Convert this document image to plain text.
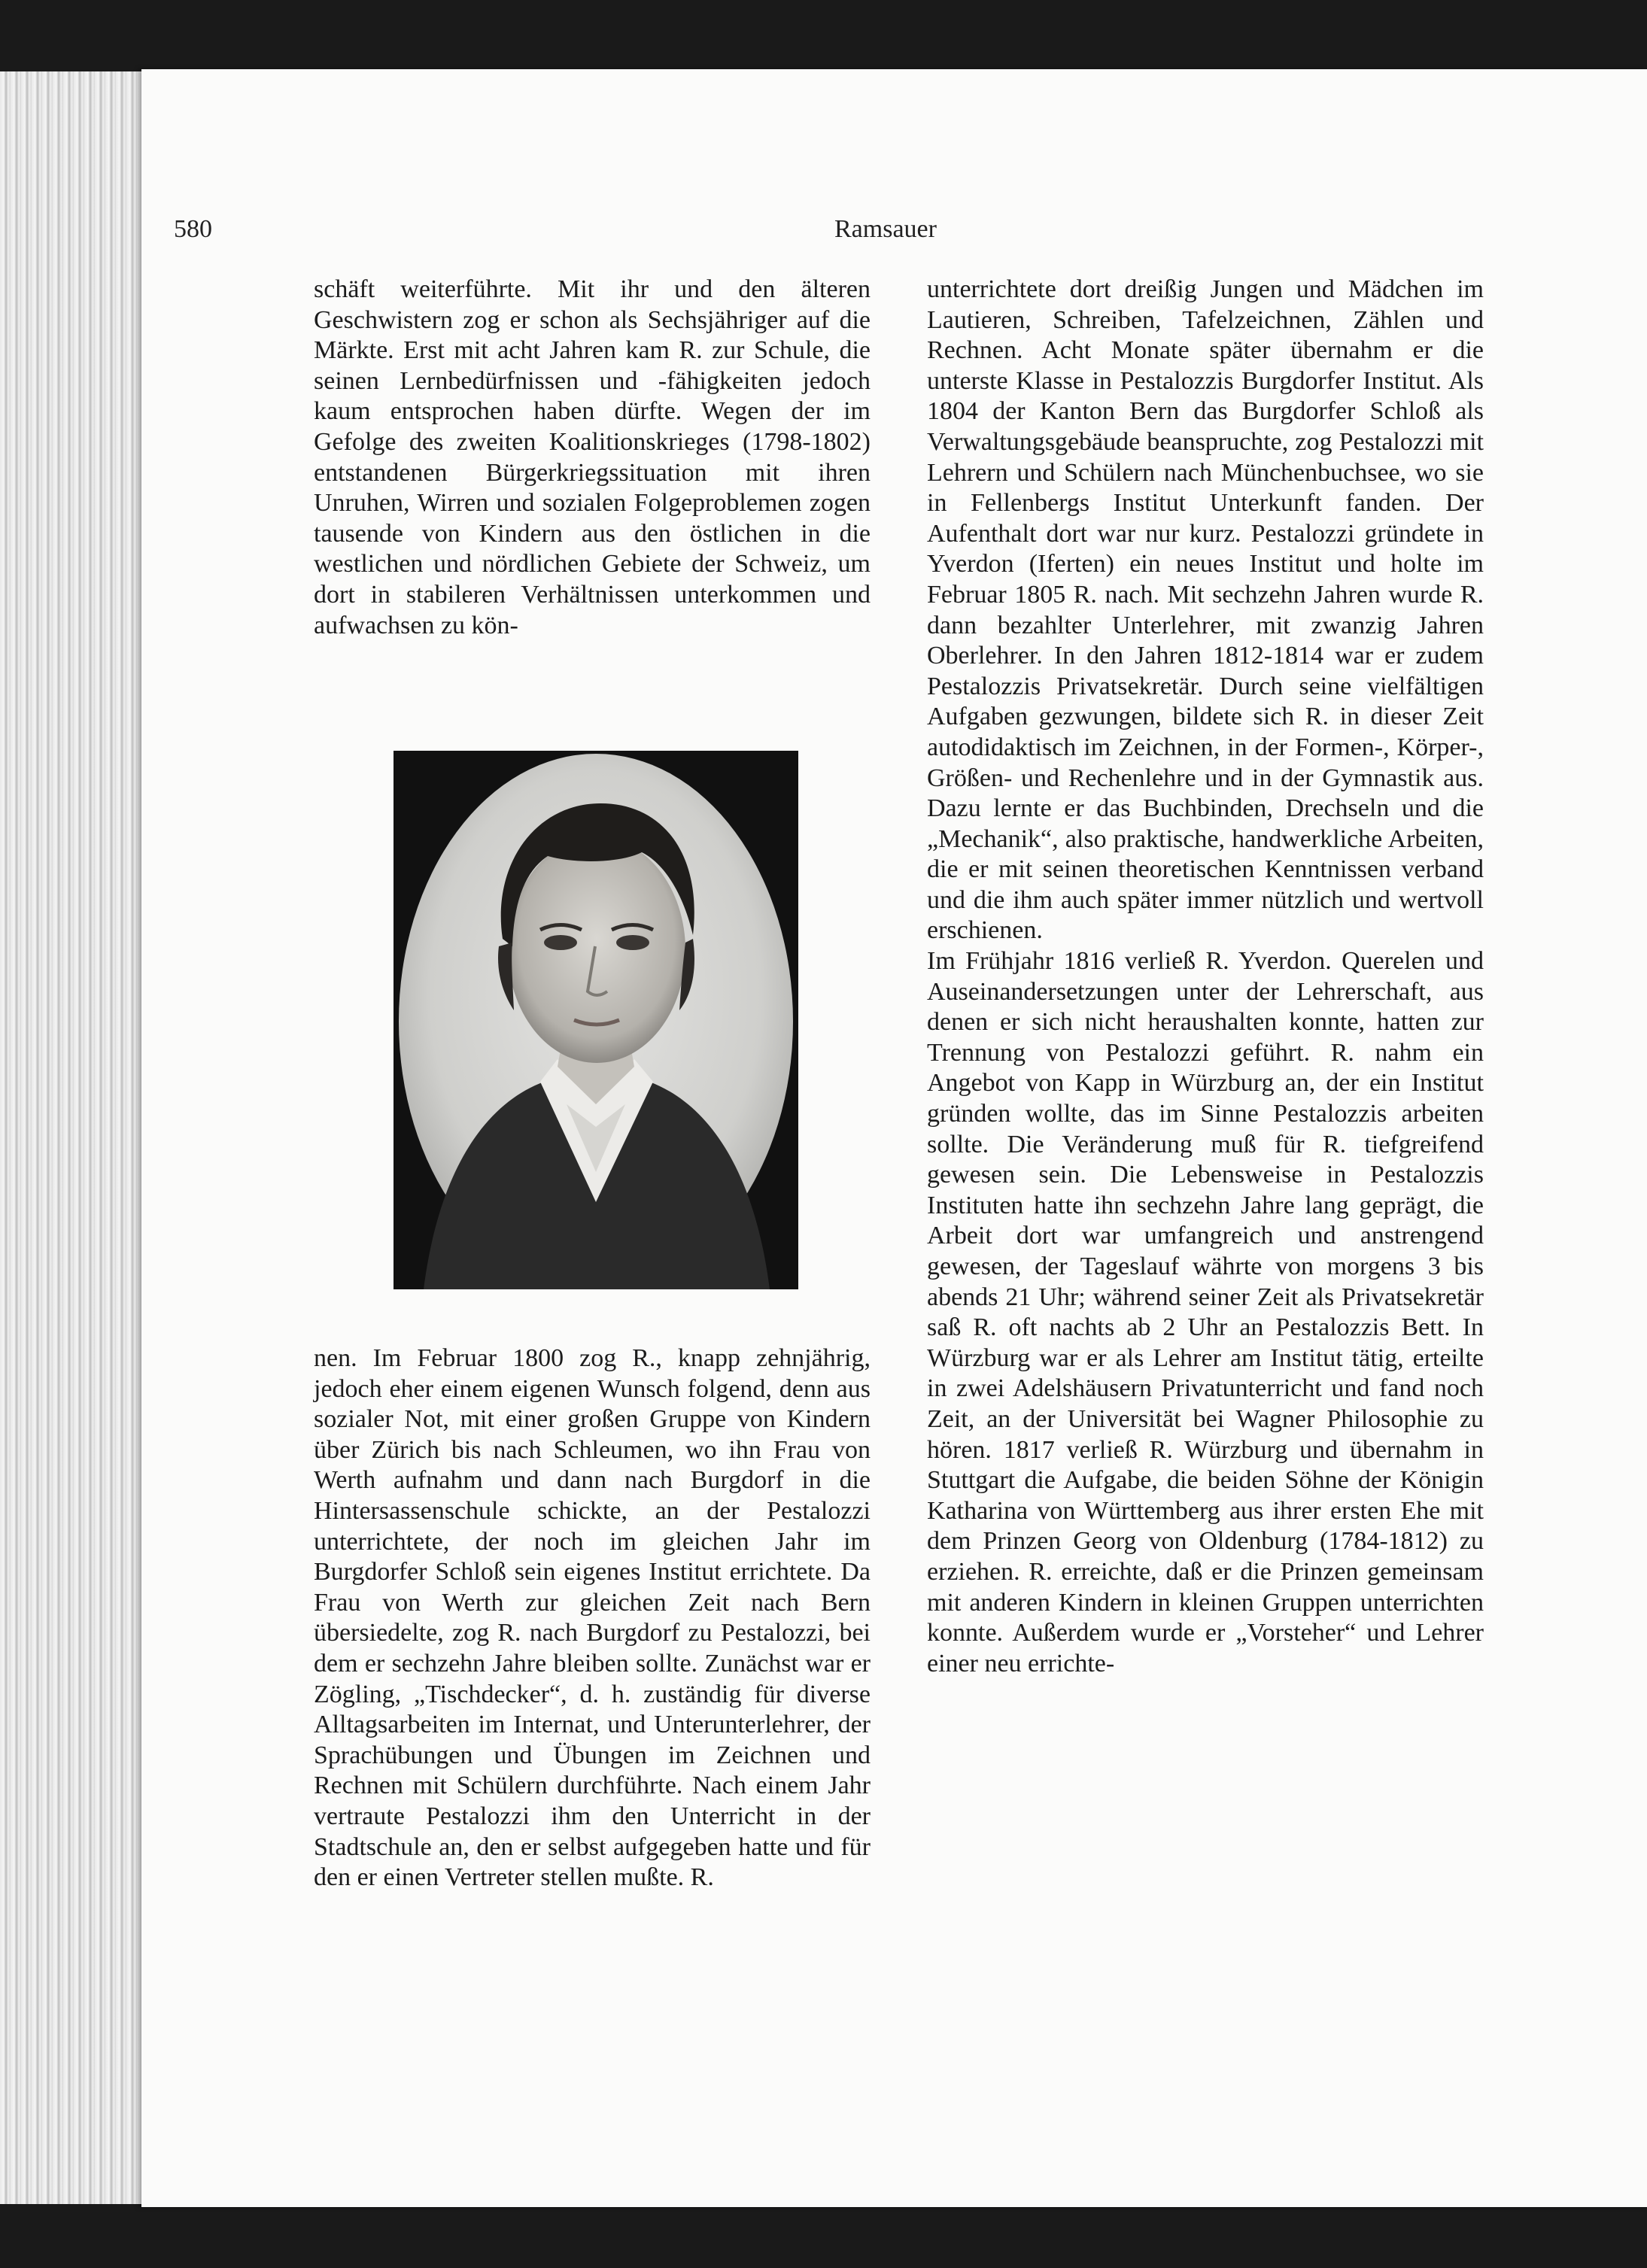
580	Ramsauer

schäft weiterführte. Mit ihr und den älteren Geschwistern zog er schon als Sechsjähriger auf die Märkte. Erst mit acht Jahren kam R. zur Schule, die seinen Lernbedürfnissen und -fähigkeiten jedoch kaum entsprochen haben dürfte. Wegen der im Gefolge des zweiten Koalitionskrieges (1798-1802) entstandenen Bürgerkriegssituation mit ihren Unruhen, Wirren und sozialen Folgeproblemen zogen tausende von Kindern aus den östlichen in die westlichen und nördlichen Gebiete der Schweiz, um dort in stabileren Verhältnissen unterkommen und aufwachsen zu kön-

nen. Im Februar 1800 zog R., knapp zehnjährig, jedoch eher einem eigenen Wunsch folgend, denn aus sozialer Not, mit einer großen Gruppe von Kindern über Zürich bis nach Schleumen, wo ihn Frau von Werth aufnahm und dann nach Burgdorf in die Hintersassenschule schickte, an der Pestalozzi unterrichtete, der noch im gleichen Jahr im Burgdorfer Schloß sein eigenes Institut errichtete. Da Frau von Werth zur gleichen Zeit nach Bern übersiedelte, zog R. nach Burgdorf zu Pestalozzi, bei dem er sechzehn Jahre bleiben sollte. Zunächst war er Zögling, „Tischdecker“, d. h. zuständig für diverse Alltagsarbeiten im Internat, und Unterunterlehrer, der Sprachübungen und Übungen im Zeichnen und Rechnen mit Schülern durchführte. Nach einem Jahr vertraute Pestalozzi ihm den Unterricht in der Stadtschule an, den er selbst aufgegeben hatte und für den er einen Vertreter stellen mußte. R.

unterrichtete dort dreißig Jungen und Mädchen im Lautieren, Schreiben, Tafelzeichnen, Zählen und Rechnen. Acht Monate später übernahm er die unterste Klasse in Pestalozzis Burgdorfer Institut. Als 1804 der Kanton Bern das Burgdorfer Schloß als Verwaltungsgebäude beanspruchte, zog Pestalozzi mit Lehrern und Schülern nach Münchenbuchsee, wo sie in Fellenbergs Institut Unterkunft fanden. Der Aufenthalt dort war nur kurz. Pestalozzi gründete in Yverdon (Iferten) ein neues Institut und holte im Februar 1805 R. nach. Mit sechzehn Jahren wurde R. dann bezahlter Unterlehrer, mit zwanzig Jahren Oberlehrer. In den Jahren 1812-1814 war er zudem Pestalozzis Privatsekretär. Durch seine vielfältigen Aufgaben gezwungen, bildete sich R. in dieser Zeit autodidaktisch im Zeichnen, in der Formen-, Körper-, Größen- und Rechenlehre und in der Gymnastik aus. Dazu lernte er das Buchbinden, Drechseln und die „Mechanik“, also praktische, handwerkliche Arbeiten, die er mit seinen theoretischen Kenntnissen verband und die ihm auch später immer nützlich und wertvoll erschienen.

Im Frühjahr 1816 verließ R. Yverdon. Querelen und Auseinandersetzungen unter der Lehrerschaft, aus denen er sich nicht heraushalten konnte, hatten zur Trennung von Pestalozzi geführt. R. nahm ein Angebot von Kapp in Würzburg an, der ein Institut gründen wollte, das im Sinne Pestalozzis arbeiten sollte. Die Veränderung muß für R. tiefgreifend gewesen sein. Die Lebensweise in Pestalozzis Instituten hatte ihn sechzehn Jahre lang geprägt, die Arbeit dort war umfangreich und anstrengend gewesen, der Tageslauf währte von morgens 3 bis abends 21 Uhr; während seiner Zeit als Privatsekretär saß R. oft nachts ab 2 Uhr an Pestalozzis Bett. In Würzburg war er als Lehrer am Institut tätig, erteilte in zwei Adelshäusern Privatunterricht und fand noch Zeit, an der Universität bei Wagner Philosophie zu hören. 1817 verließ R. Würzburg und übernahm in Stuttgart die Aufgabe, die beiden Söhne der Königin Katharina von Württemberg aus ihrer ersten Ehe mit dem Prinzen Georg von Oldenburg (1784-1812) zu erziehen. R. erreichte, daß er die Prinzen gemeinsam mit anderen Kindern in kleinen Gruppen unterrichten konnte. Außerdem wurde er „Vorsteher“ und Lehrer einer neu errichte-
